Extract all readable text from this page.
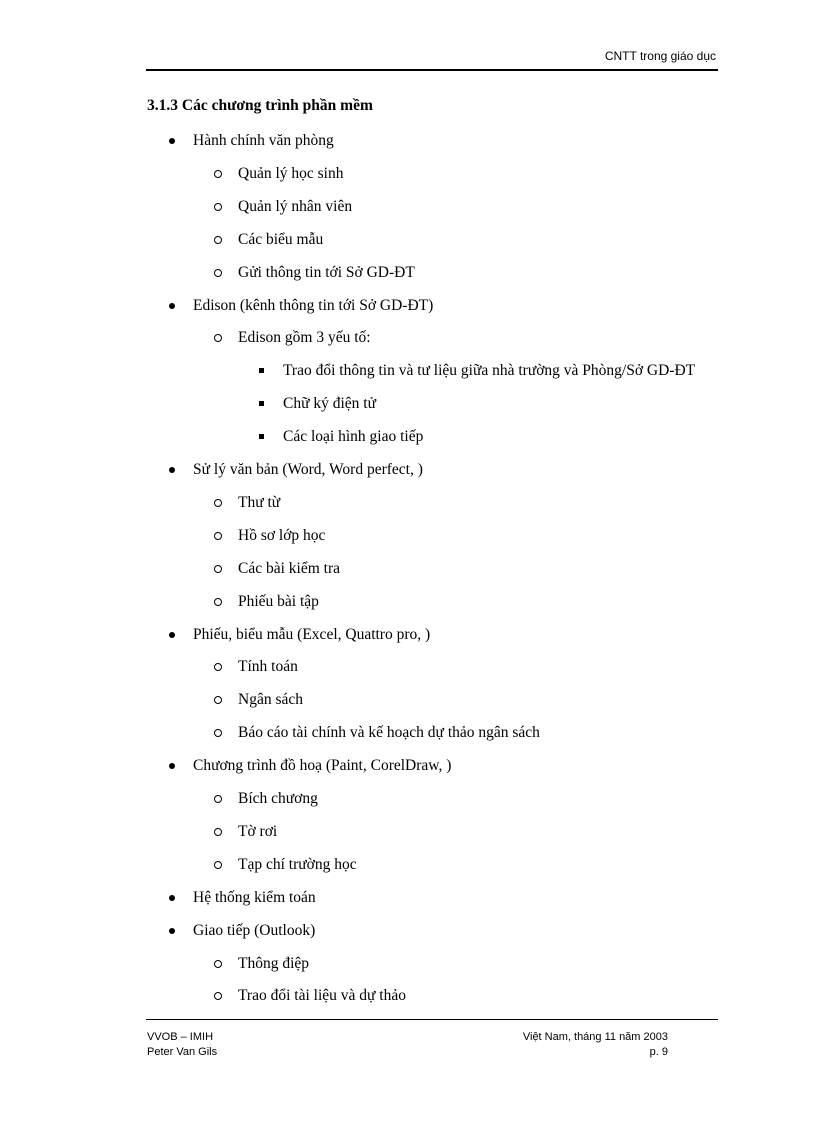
CNTT trong giáo dục
3.1.3 Các chương trình phần mềm
Hành chính văn phòng
Quản lý học sinh
Quản lý nhân viên
Các biểu mẫu
Gửi thông tin tới Sở GD-ĐT
Edison (kênh thông tin tới Sở GD-ĐT)
Edison gồm 3 yếu tố:
Trao đổi thông tin và tư liệu giữa nhà trường và Phòng/Sở GD-ĐT
Chữ ký điện tử
Các loại hình giao tiếp
Sử lý văn bản (Word, Word perfect, )
Thư từ
Hồ sơ lớp học
Các bài kiểm tra
Phiếu bài tập
Phiếu, biểu mẫu (Excel, Quattro pro, )
Tính toán
Ngân sách
Báo cáo tài chính và kế hoạch dự thảo ngân sách
Chương trình đồ hoạ (Paint, CorelDraw, )
Bích chương
Tờ rơi
Tạp chí trường học
Hệ thống kiểm toán
Giao tiếp (Outlook)
Thông điệp
Trao đổi tài liệu và dự thảo
VVOB – IMIH
Peter Van Gils
Việt Nam, tháng 11 năm 2003
p. 9
